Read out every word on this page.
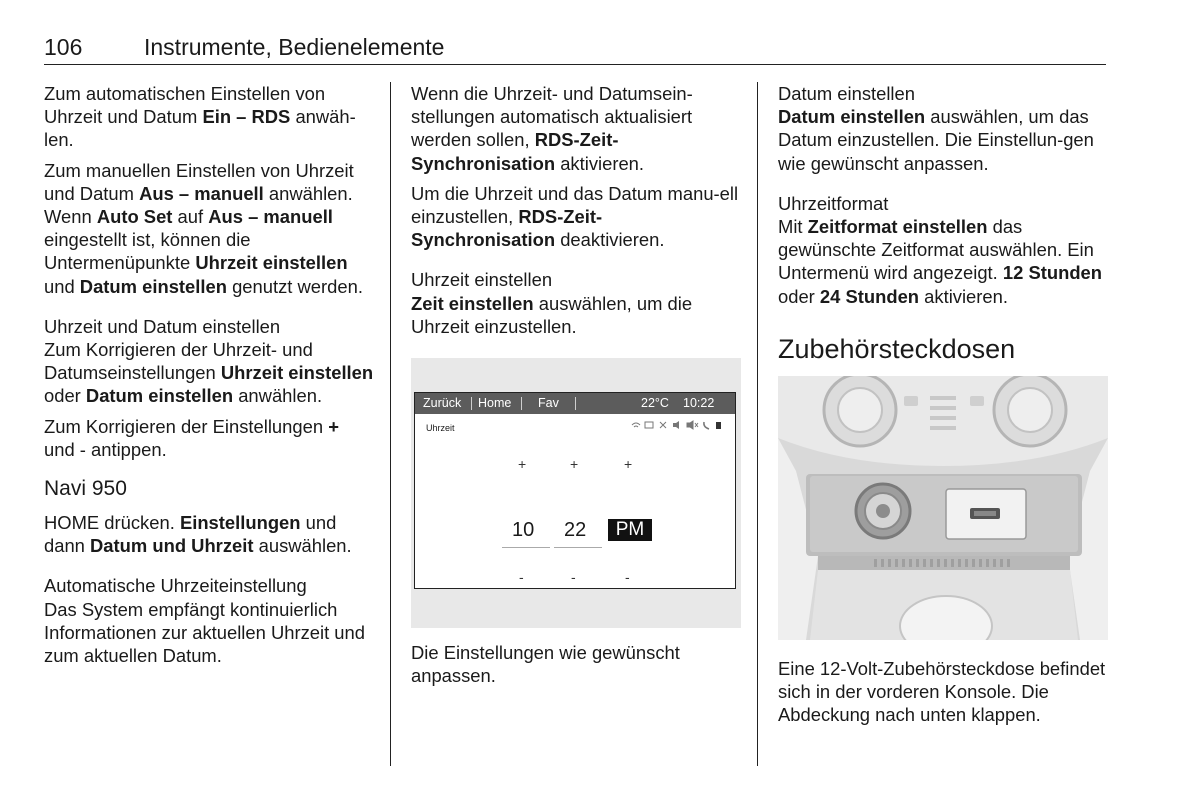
106	Instrumente, Bedienelemente

Zum automatischen Einstellen von Uhrzeit und Datum Ein – RDS anwäh-len.

Zum manuellen Einstellen von Uhrzeit und Datum Aus – manuell anwählen. Wenn Auto Set auf Aus – manuell eingestellt ist, können die Untermenüpunkte Uhrzeit einstellen und Datum einstellen genutzt werden.

Uhrzeit und Datum einstellen

Zum Korrigieren der Uhrzeit- und Datumseinstellungen Uhrzeit einstellen oder Datum einstellen anwählen.

Zum Korrigieren der Einstellungen + und - antippen.

Navi 950

HOME drücken. Einstellungen und dann Datum und Uhrzeit auswählen.

Automatische Uhrzeiteinstellung

Das System empfängt kontinuierlich Informationen zur aktuellen Uhrzeit und zum aktuellen Datum.

Wenn die Uhrzeit- und Datumsein-stellungen automatisch aktualisiert werden sollen, RDS-Zeit-Synchronisation aktivieren.

Um die Uhrzeit und das Datum manu-ell einzustellen, RDS-Zeit-Synchronisation deaktivieren.

Uhrzeit einstellen

Zeit einstellen auswählen, um die Uhrzeit einzustellen.

Zurück Home Fav	22°C 10:22
Uhrzeit
+	+	+
10 22	PM
-	-	-

Die Einstellungen wie gewünscht anpassen.

Datum einstellen

Datum einstellen auswählen, um das Datum einzustellen. Die Einstellun-gen wie gewünscht anpassen.

Uhrzeitformat

Mit Zeitformat einstellen das gewünschte Zeitformat auswählen. Ein Untermenü wird angezeigt. 12 Stunden oder 24 Stunden aktivieren.

Zubehörsteckdosen

Eine 12-Volt-Zubehörsteckdose befindet sich in der vorderen Konsole. Die Abdeckung nach unten klappen.
